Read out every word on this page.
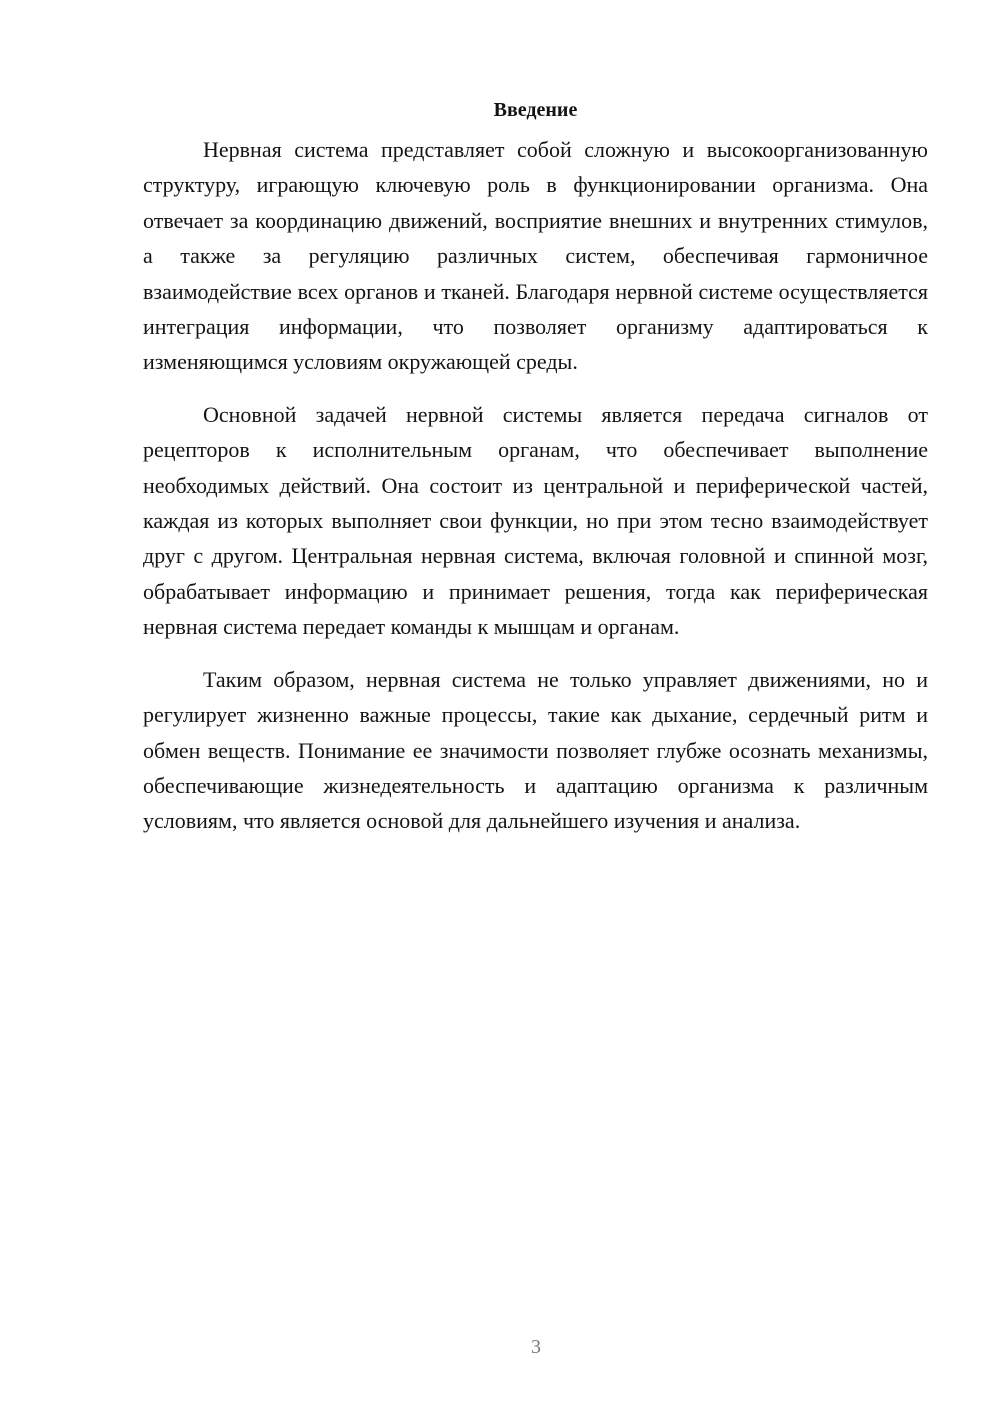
Введение

Нервная система представляет собой сложную и высокоорганизованную структуру, играющую ключевую роль в функционировании организма. Она отвечает за координацию движений, восприятие внешних и внутренних стимулов, а также за регуляцию различных систем, обеспечивая гармоничное взаимодействие всех органов и тканей. Благодаря нервной системе осуществляется интеграция информации, что позволяет организму адаптироваться к изменяющимся условиям окружающей среды.

Основной задачей нервной системы является передача сигналов от рецепторов к исполнительным органам, что обеспечивает выполнение необходимых действий. Она состоит из центральной и периферической частей, каждая из которых выполняет свои функции, но при этом тесно взаимодействует друг с другом. Центральная нервная система, включая головной и спинной мозг, обрабатывает информацию и принимает решения, тогда как периферическая нервная система передает команды к мышцам и органам.

Таким образом, нервная система не только управляет движениями, но и регулирует жизненно важные процессы, такие как дыхание, сердечный ритм и обмен веществ. Понимание ее значимости позволяет глубже осознать механизмы, обеспечивающие жизнедеятельность и адаптацию организма к различным условиям, что является основой для дальнейшего изучения и анализа.

3
